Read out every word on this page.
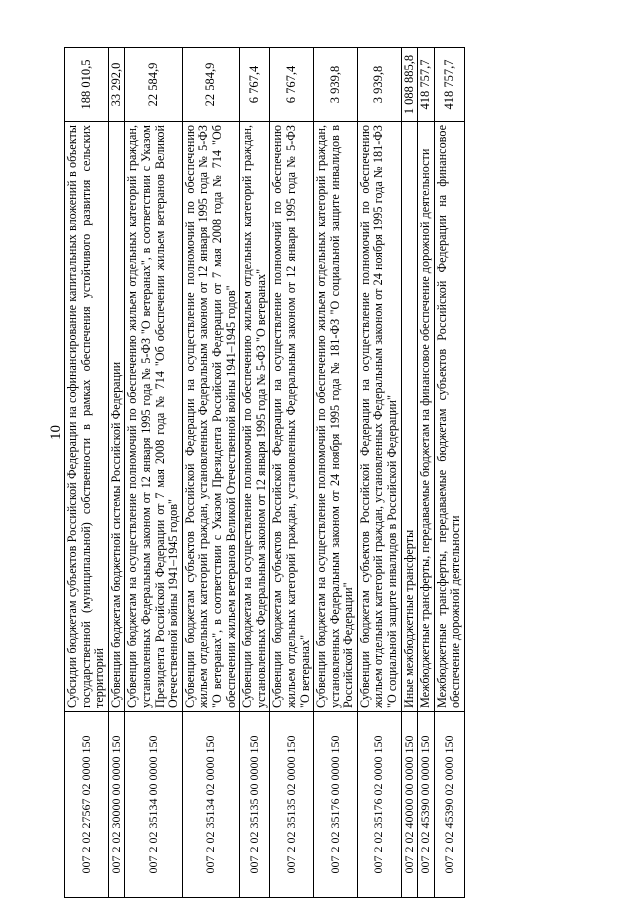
10
007 2 02 27567 02 0000 150	Субсидии бюджетам субъектов Российской Федерации на софинансирование капитальных вложений в объекты государственной (муниципальной) собственности в рамках обеспечения устойчивого развития сельских территорий	188 010,5
007 2 02 30000 00 0000 150	Субвенции бюджетам бюджетной системы Российской Федерации	33 292,0
007 2 02 35134 00 0000 150	Субвенции бюджетам на осуществление полномочий по обеспечению жильем отдельных категорий граждан, установленных Федеральным законом от 12 января 1995 года № 5-ФЗ "О ветеранах", в соответствии с Указом Президента Российской Федерации от 7 мая 2008 года № 714 "Об обеспечении жильем ветеранов Великой Отечественной войны 1941–1945 годов"	22 584,9
007 2 02 35134 02 0000 150	Субвенции бюджетам субъектов Российской Федерации на осуществление полномочий по обеспечению жильем отдельных категорий граждан, установленных Федеральным законом от 12 января 1995 года № 5-ФЗ "О ветеранах", в соответствии с Указом Президента Российской Федерации от 7 мая 2008 года № 714 "Об обеспечении жильем ветеранов Великой Отечественной войны 1941–1945 годов"	22 584,9
007 2 02 35135 00 0000 150	Субвенции бюджетам на осуществление полномочий по обеспечению жильем отдельных категорий граждан, установленных Федеральным законом от 12 января 1995 года № 5-ФЗ "О ветеранах"	6 767,4
007 2 02 35135 02 0000 150	Субвенции бюджетам субъектов Российской Федерации на осуществление полномочий по обеспечению жильем отдельных категорий граждан, установленных Федеральным законом от 12 января 1995 года № 5-ФЗ "О ветеранах"	6 767,4
007 2 02 35176 00 0000 150	Субвенции бюджетам на осуществление полномочий по обеспечению жильем отдельных категорий граждан, установленных Федеральным законом от 24 ноября 1995 года № 181-ФЗ "О социальной защите инвалидов в Российской Федерации"	3 939,8
007 2 02 35176 02 0000 150	Субвенции бюджетам субъектов Российской Федерации на осуществление полномочий по обеспечению жильем отдельных категорий граждан, установленных Федеральным законом от 24 ноября 1995 года № 181-ФЗ "О социальной защите инвалидов в Российской Федерации"	3 939,8
007 2 02 40000 00 0000 150	Иные межбюджетные трансферты	1 088 885,8
007 2 02 45390 00 0000 150	Межбюджетные трансферты, передаваемые бюджетам на финансовое обеспечение дорожной деятельности	418 757,7
007 2 02 45390 02 0000 150	Межбюджетные трансферты, передаваемые бюджетам субъектов Российской Федерации на финансовое обеспечение дорожной деятельности	418 757,7
